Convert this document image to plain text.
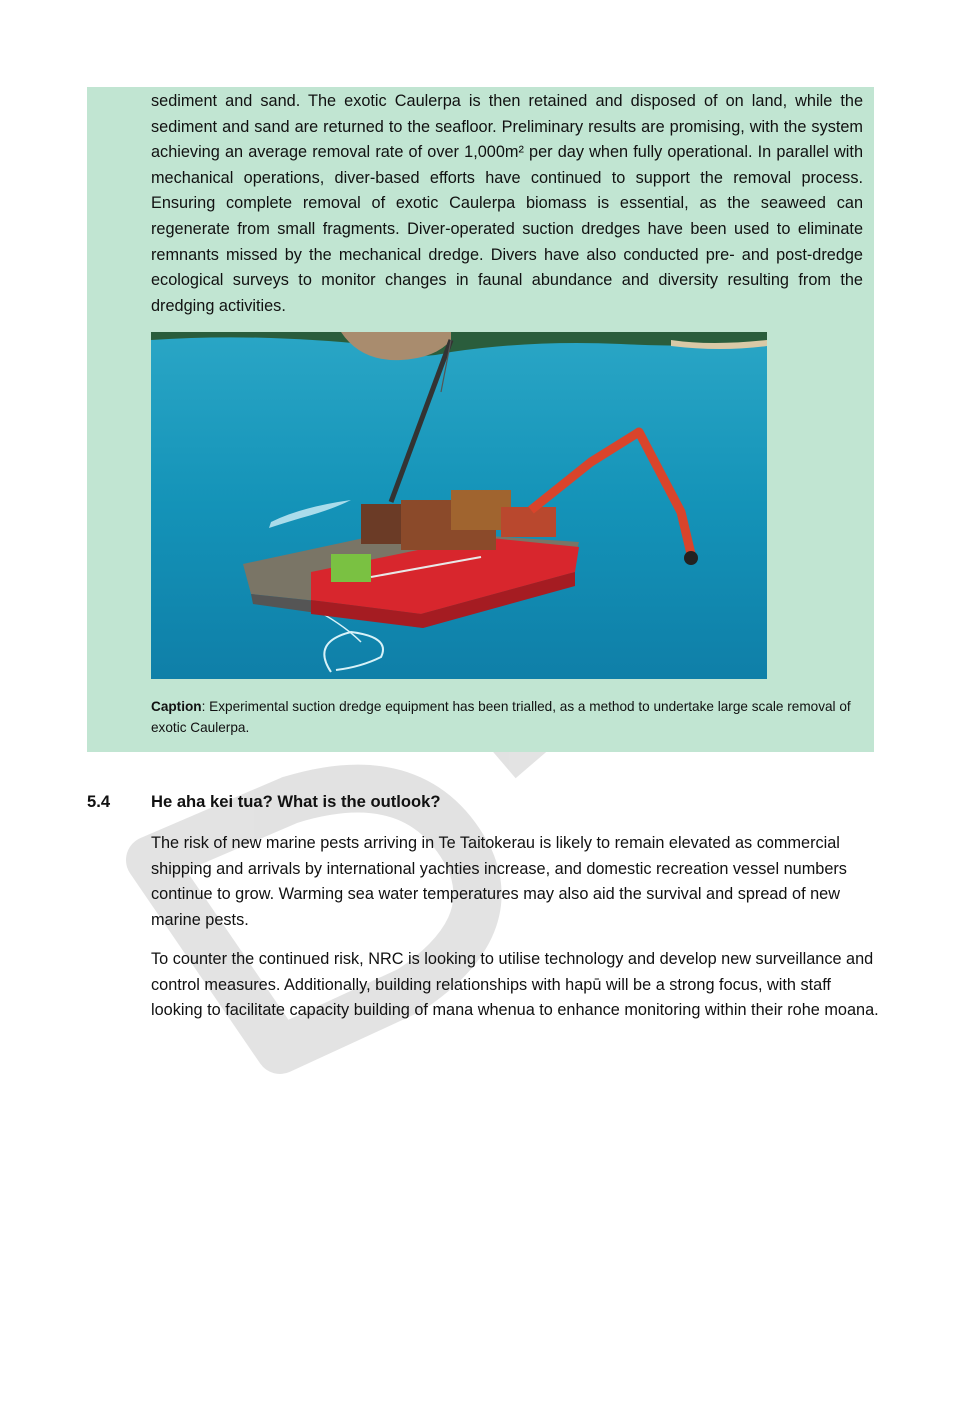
sediment and sand. The exotic Caulerpa is then retained and disposed of on land, while the sediment and sand are returned to the seafloor. Preliminary results are promising, with the system achieving an average removal rate of over 1,000m² per day when fully operational. In parallel with mechanical operations, diver-based efforts have continued to support the removal process. Ensuring complete removal of exotic Caulerpa biomass is essential, as the seaweed can regenerate from small fragments. Diver-operated suction dredges have been used to eliminate remnants missed by the mechanical dredge. Divers have also conducted pre- and post-dredge ecological surveys to monitor changes in faunal abundance and diversity resulting from the dredging activities.

Caption: Experimental suction dredge equipment has been trialled, as a method to undertake large scale removal of exotic Caulerpa.

5.4 He aha kei tua? What is the outlook?

The risk of new marine pests arriving in Te Taitokerau is likely to remain elevated as commercial shipping and arrivals by international yachties increase, and domestic recreation vessel numbers continue to grow. Warming sea water temperatures may also aid the survival and spread of new marine pests.

To counter the continued risk, NRC is looking to utilise technology and develop new surveillance and control measures. Additionally, building relationships with hapū will be a strong focus, with staff looking to facilitate capacity building of mana whenua to enhance monitoring within their rohe moana.
